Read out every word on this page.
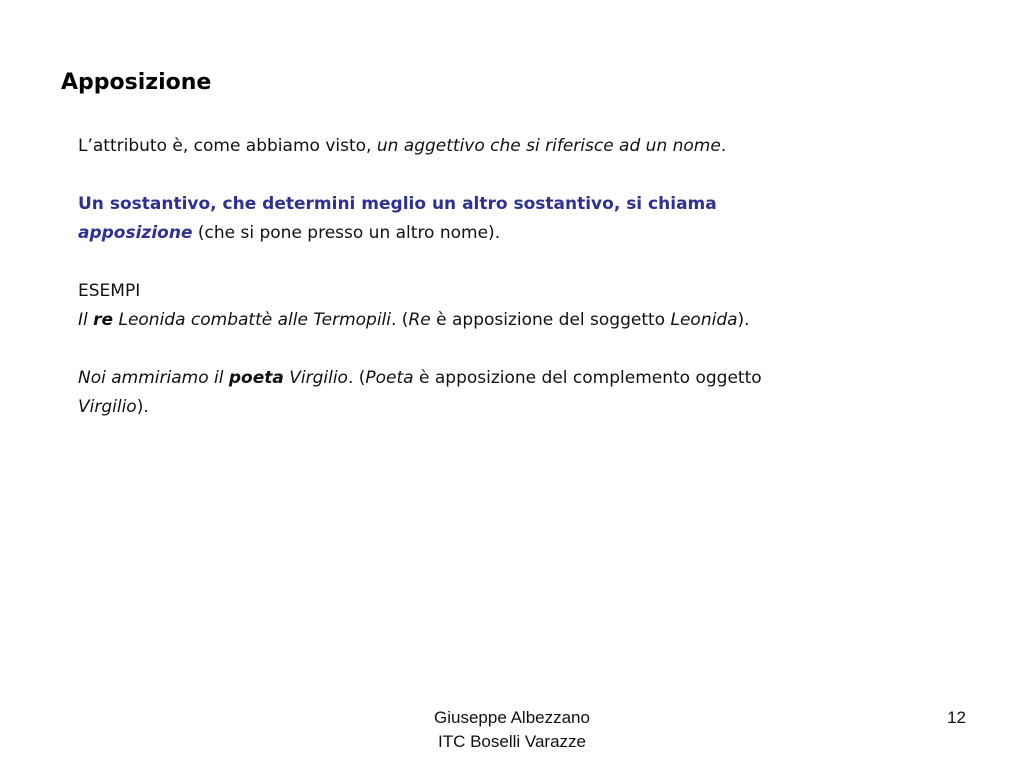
Apposizione

L’attributo è, come abbiamo visto, un aggettivo che si riferisce ad un nome.

Un sostantivo, che determini meglio un altro sostantivo, si chiama
apposizione (che si pone presso un altro nome).

ESEMPI

Il re Leonida combattè alle Termopili. (Re è apposizione del soggetto Leonida).

Noi ammiriamo il poeta Virgilio. (Poeta è apposizione del complemento oggetto
Virgilio).

Giuseppe Albezzano
ITC Boselli Varazze
12
